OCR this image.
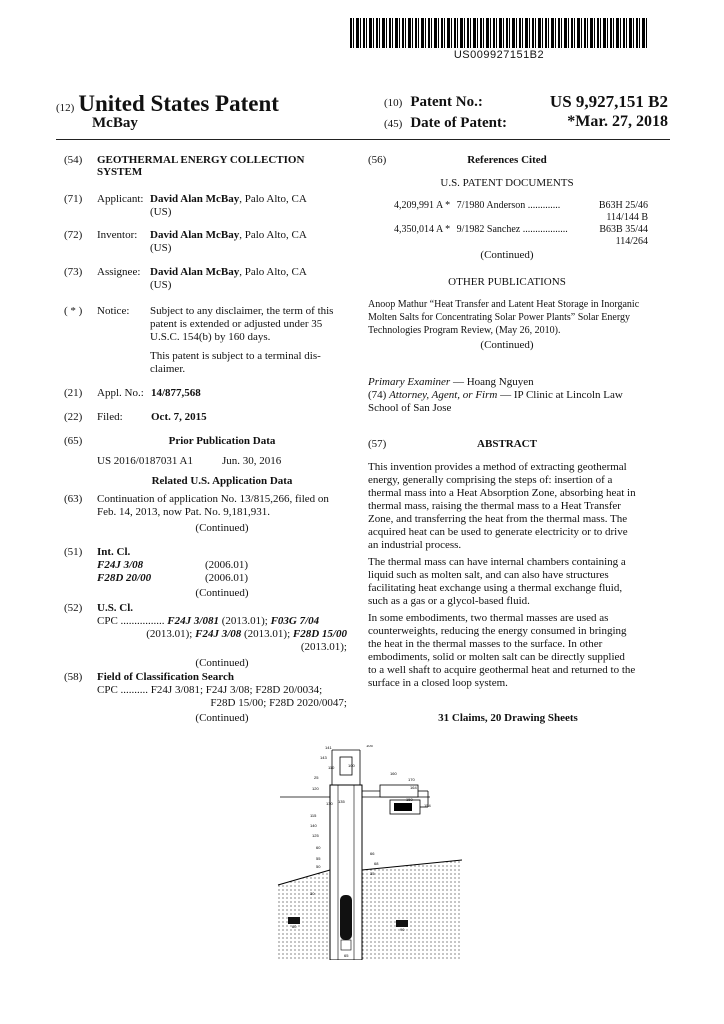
US009927151B2
(12) United States Patent
McBay
(10) Patent No.:	US 9,927,151 B2
(45) Date of Patent:	*Mar. 27, 2018
(54) GEOTHERMAL ENERGY COLLECTION
SYSTEM
(71) Applicant: David Alan McBay, Palo Alto, CA
(US)
(72) Inventor: David Alan McBay, Palo Alto, CA
(US)
(73) Assignee: David Alan McBay, Palo Alto, CA
(US)
( * ) Notice: Subject to any disclaimer, the term of this
patent is extended or adjusted under 35
U.S.C. 154(b) by 160 days.
This patent is subject to a terminal dis-
claimer.
(21) Appl. No.: 14/877,568
(22) Filed:	Oct. 7, 2015
(65)	Prior Publication Data
US 2016/0187031 A1	Jun. 30, 2016
Related U.S. Application Data
(63) Continuation of application No. 13/815,266, filed on
Feb. 14, 2013, now Pat. No. 9,181,931.
(Continued)
(51) Int. Cl.
F24J 3/08	(2006.01)
F28D 20/00	(2006.01)
(Continued)
(52) U.S. Cl.
CPC ................ F24J 3/081 (2013.01); F03G 7/04
(2013.01); F24J 3/08 (2013.01); F28D 15/00
(2013.01);
(Continued)
(58) Field of Classification Search
CPC .......... F24J 3/081; F24J 3/08; F28D 20/0034;
F28D 15/00; F28D 2020/0047;
(Continued)
(56)	References Cited
U.S. PATENT DOCUMENTS
4,209,991 A * 7/1980 Anderson .............	B63H 25/46
114/144 B
4,350,014 A * 9/1982 Sanchez ..................	B63B 35/44
114/264
(Continued)
OTHER PUBLICATIONS
Anoop Mathur “Heat Transfer and Latent Heat Storage in Inorganic
Molten Salts for Concentrating Solar Power Plants” Solar Energy
Technologies Program Review, (May 26, 2010).
(Continued)
Primary Examiner — Hoang Nguyen
(74) Attorney, Agent, or Firm — IP Clinic at Lincoln Law
School of San Jose
(57)	ABSTRACT
This invention provides a method of extracting geothermal
energy, generally comprising the steps of: insertion of a
thermal mass into a Heat Absorption Zone, absorbing heat in
thermal mass, raising the thermal mass to a Heat Transfer
Zone, and transferring the heat from the thermal mass. The
acquired heat can be used to generate electricity or to drive
an industrial process.
The thermal mass can have internal chambers containing a
liquid such as molten salt, and can also have structures
facilitating heat exchange using a thermal exchange fluid,
such as a gas or a glycol-based fluid.
In some embodiments, two thermal masses are used as
counterweights, reducing the energy consumed in bringing
the heat in the thermal masses to the surface. In other
embodiments, solid or molten salt can be directly supplied
to a well shaft to acquire geothermal heat and returned to the
surface in a closed loop system.
31 Claims, 20 Drawing Sheets
141
143
105
110	100
160
170
164
150
25
120
130 135
154
115
140
125
60
55
50
66
68
35
30
80
65
90
